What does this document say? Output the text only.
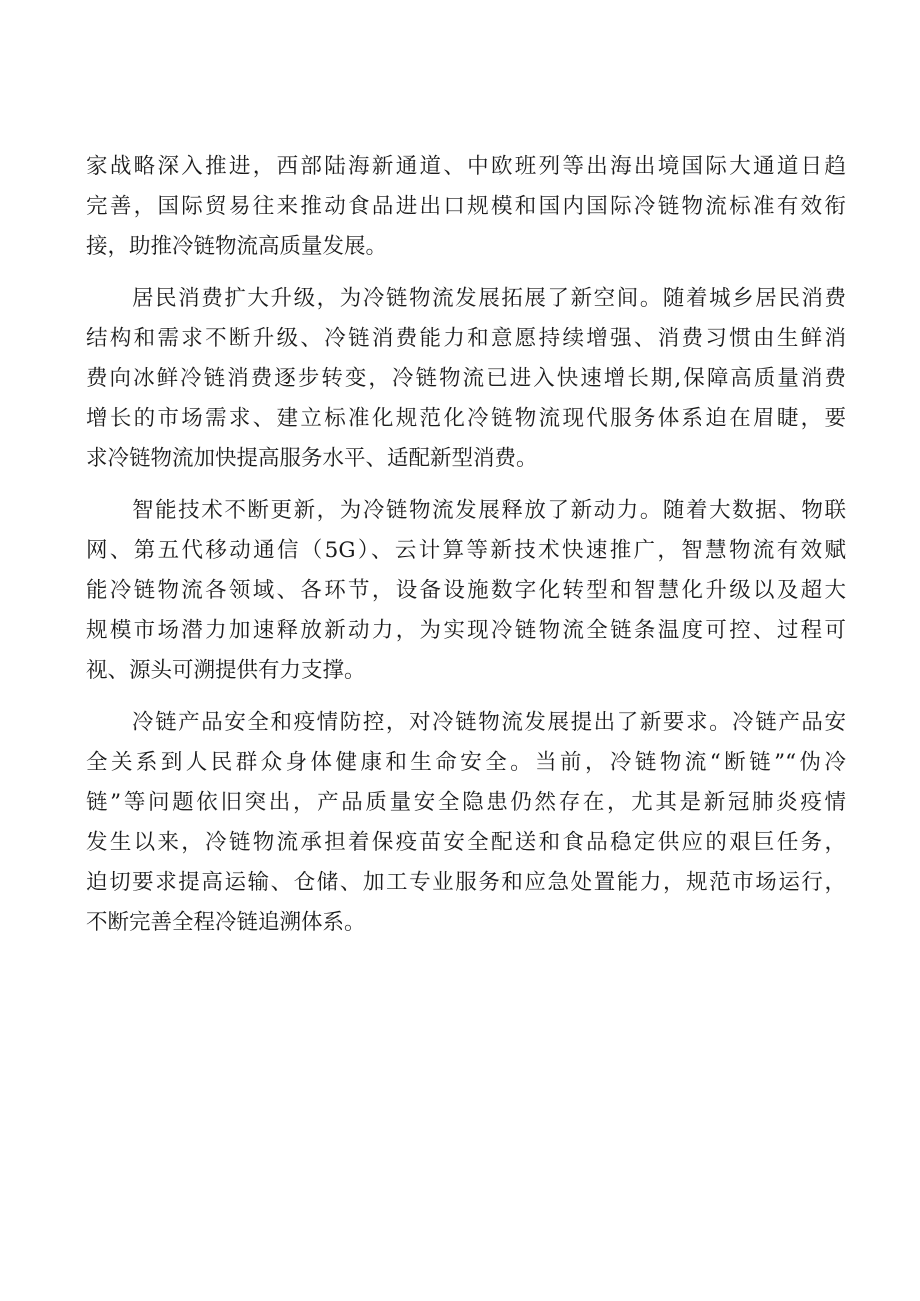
家战略深入推进，西部陆海新通道、中欧班列等出海出境国际大通道日趋
完善，国际贸易往来推动食品进出口规模和国内国际冷链物流标准有效衔
接，助推冷链物流高质量发展。
居民消费扩大升级，为冷链物流发展拓展了新空间。随着城乡居民消费
结构和需求不断升级、冷链消费能力和意愿持续增强、消费习惯由生鲜消
费向冰鲜冷链消费逐步转变，冷链物流已进入快速增长期,保障高质量消费
增长的市场需求、建立标准化规范化冷链物流现代服务体系迫在眉睫，要
求冷链物流加快提高服务水平、适配新型消费。
智能技术不断更新，为冷链物流发展释放了新动力。随着大数据、物联
网、第五代移动通信（5G）、云计算等新技术快速推广，智慧物流有效赋
能冷链物流各领域、各环节，设备设施数字化转型和智慧化升级以及超大
规模市场潜力加速释放新动力，为实现冷链物流全链条温度可控、过程可
视、源头可溯提供有力支撑。
冷链产品安全和疫情防控，对冷链物流发展提出了新要求。冷链产品安
全关系到人民群众身体健康和生命安全。当前，冷链物流“断链”“伪冷
链”等问题依旧突出，产品质量安全隐患仍然存在，尤其是新冠肺炎疫情
发生以来，冷链物流承担着保疫苗安全配送和食品稳定供应的艰巨任务，
迫切要求提高运输、仓储、加工专业服务和应急处置能力，规范市场运行，
不断完善全程冷链追溯体系。
